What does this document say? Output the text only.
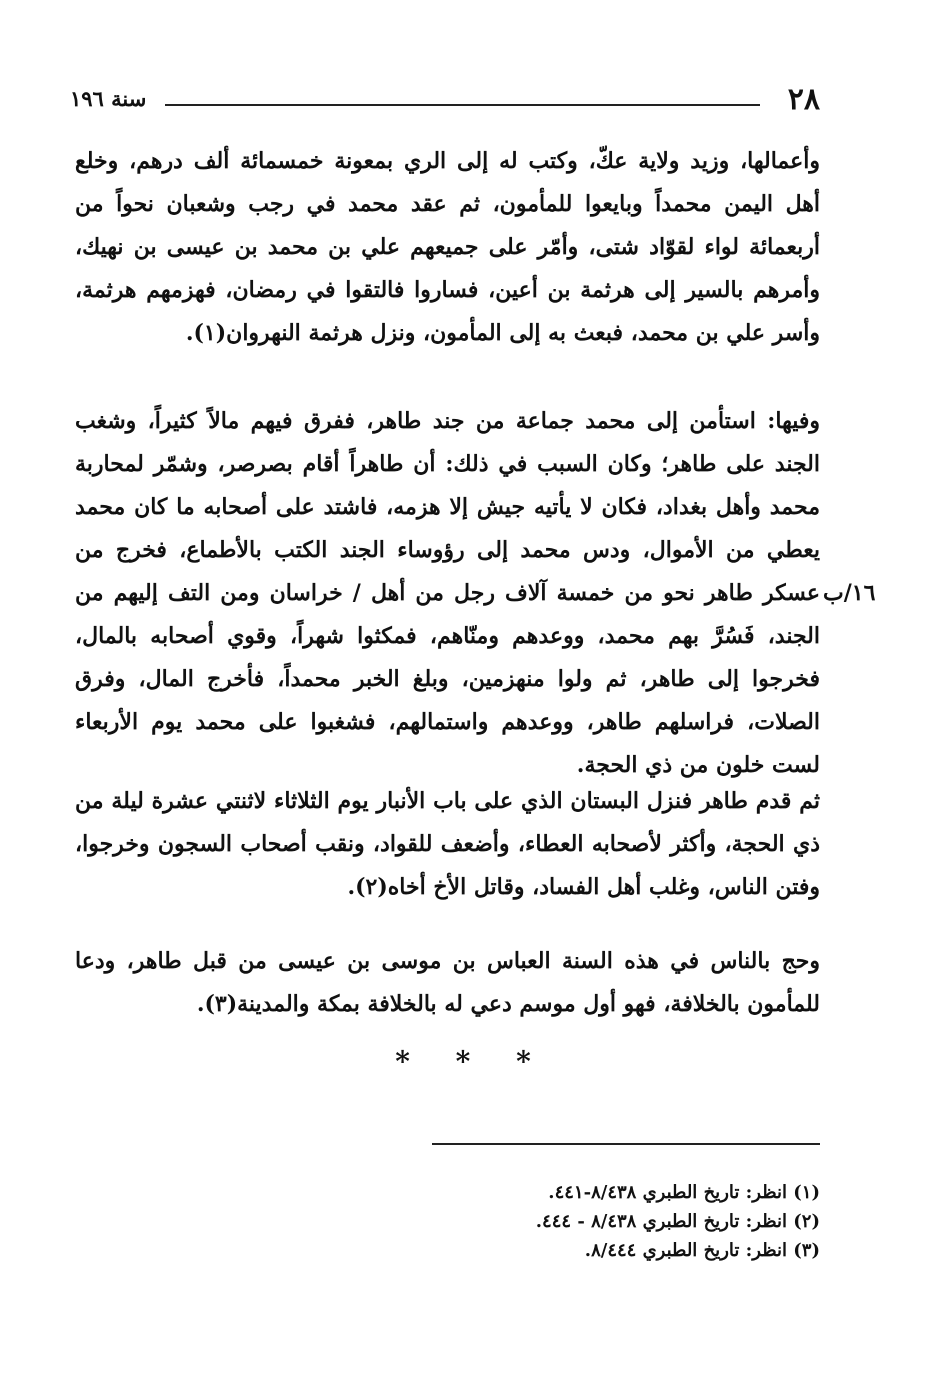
٢٨
سنة ١٩٦

وأعمالها، وزيد ولاية عكّ، وكتب له إلى الري بمعونة خمسمائة ألف درهم، وخلع أهل اليمن محمداً وبايعوا للمأمون، ثم عقد محمد في رجب وشعبان نحواً من أربعمائة لواء لقوّاد شتى، وأمّر على جميعهم علي بن محمد بن عيسى بن نهيك، وأمرهم بالسير إلى هرثمة بن أعين، فساروا فالتقوا في رمضان، فهزمهم هرثمة، وأسر علي بن محمد، فبعث به إلى المأمون، ونزل هرثمة النهروان(١).

وفيها: استأمن إلى محمد جماعة من جند طاهر، ففرق فيهم مالاً كثيراً، وشغب الجند على طاهر؛ وكان السبب في ذلك: أن طاهراً أقام بصرصر، وشمّر لمحاربة محمد وأهل بغداد، فكان لا يأتيه جيش إلا هزمه، فاشتد على أصحابه ما كان محمد يعطي من الأموال، ودس محمد إلى رؤوساء الجند الكتب بالأطماع، فخرج من عسكر طاهر نحو من خمسة آلاف رجل من أهل / خراسان ومن التف إليهم من الجند، فَسُرَّ بهم محمد، ووعدهم ومنّاهم، فمكثوا شهراً، وقوي أصحابه بالمال، فخرجوا إلى طاهر، ثم ولوا منهزمين، وبلغ الخبر محمداً، فأخرج المال، وفرق الصلات، فراسلهم طاهر، ووعدهم واستمالهم، فشغبوا على محمد يوم الأربعاء لست خلون من ذي الحجة.

١٦/ب

ثم قدم طاهر فنزل البستان الذي على باب الأنبار يوم الثلاثاء لاثنتي عشرة ليلة من ذي الحجة، وأكثر لأصحابه العطاء، وأضعف للقواد، ونقب أصحاب السجون وخرجوا، وفتن الناس، وغلب أهل الفساد، وقاتل الأخ أخاه(٢).

وحج بالناس في هذه السنة العباس بن موسى بن عيسى من قبل طاهر، ودعا للمأمون بالخلافة، فهو أول موسم دعي له بالخلافة بمكة والمدينة(٣).

* * *

(١) انظر: تاريخ الطبري ٨/٤٣٨-٤٤١.

(٢) انظر: تاريخ الطبري ٨/٤٣٨ - ٤٤٤.

(٣) انظر: تاريخ الطبري ٨/٤٤٤.
